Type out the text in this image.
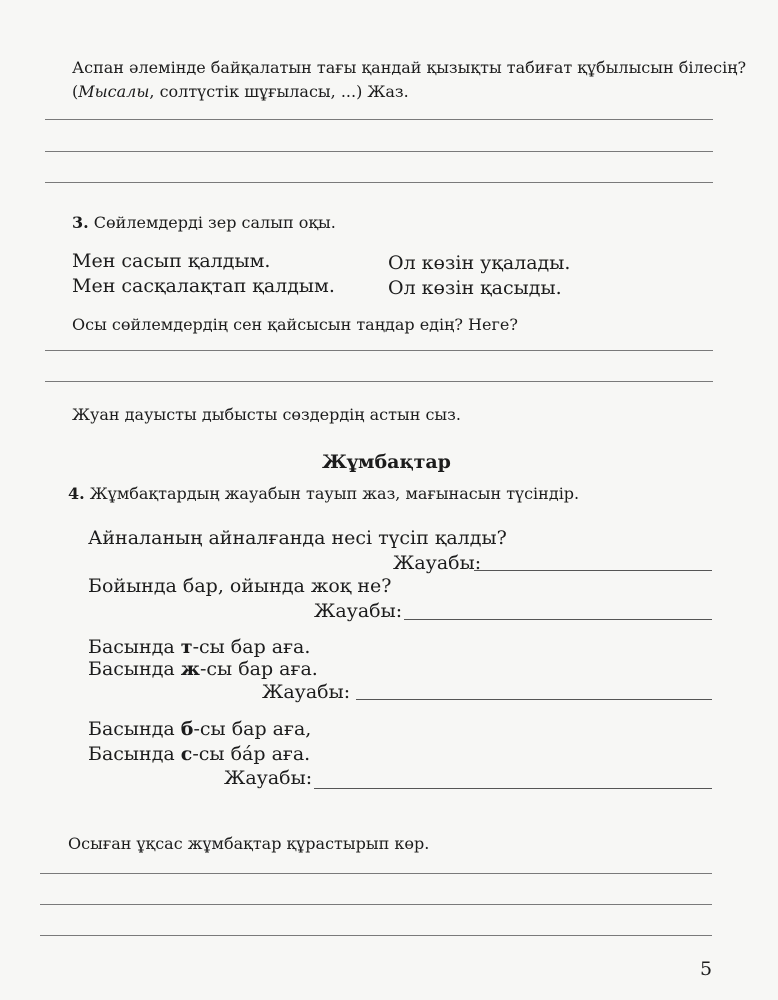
Аспан әлемінде байқалатын тағы қандай қызықты табиғат құбылысын білесің?
(Мысалы, солтүстік шұғыласы, ...) Жаз.
3. Сөйлемдерді зер салып оқы.
Мен сасып қалдым.
Мен сасқалақтап қалдым.
Ол көзін уқалады.
Ол көзін қасыды.
Осы сөйлемдердің сен қайсысын таңдар едің? Неге?
Жуан дауысты дыбысты сөздердің астын сыз.
Жұмбақтар
4. Жұмбақтардың жауабын тауып жаз, мағынасын түсіндір.
Айналаның айналғанда несі түсіп қалды?
Жауабы:
Бойында бар, ойында жоқ не?
Жауабы:
Басында т-сы бар аға.
Басында ж-сы бар аға.
Жауабы:
Басында б-сы бар аға,
Басында с-сы ба́р аға.
Жауабы:
Осыған ұқсас жұмбақтар құрастырып көр.
5
